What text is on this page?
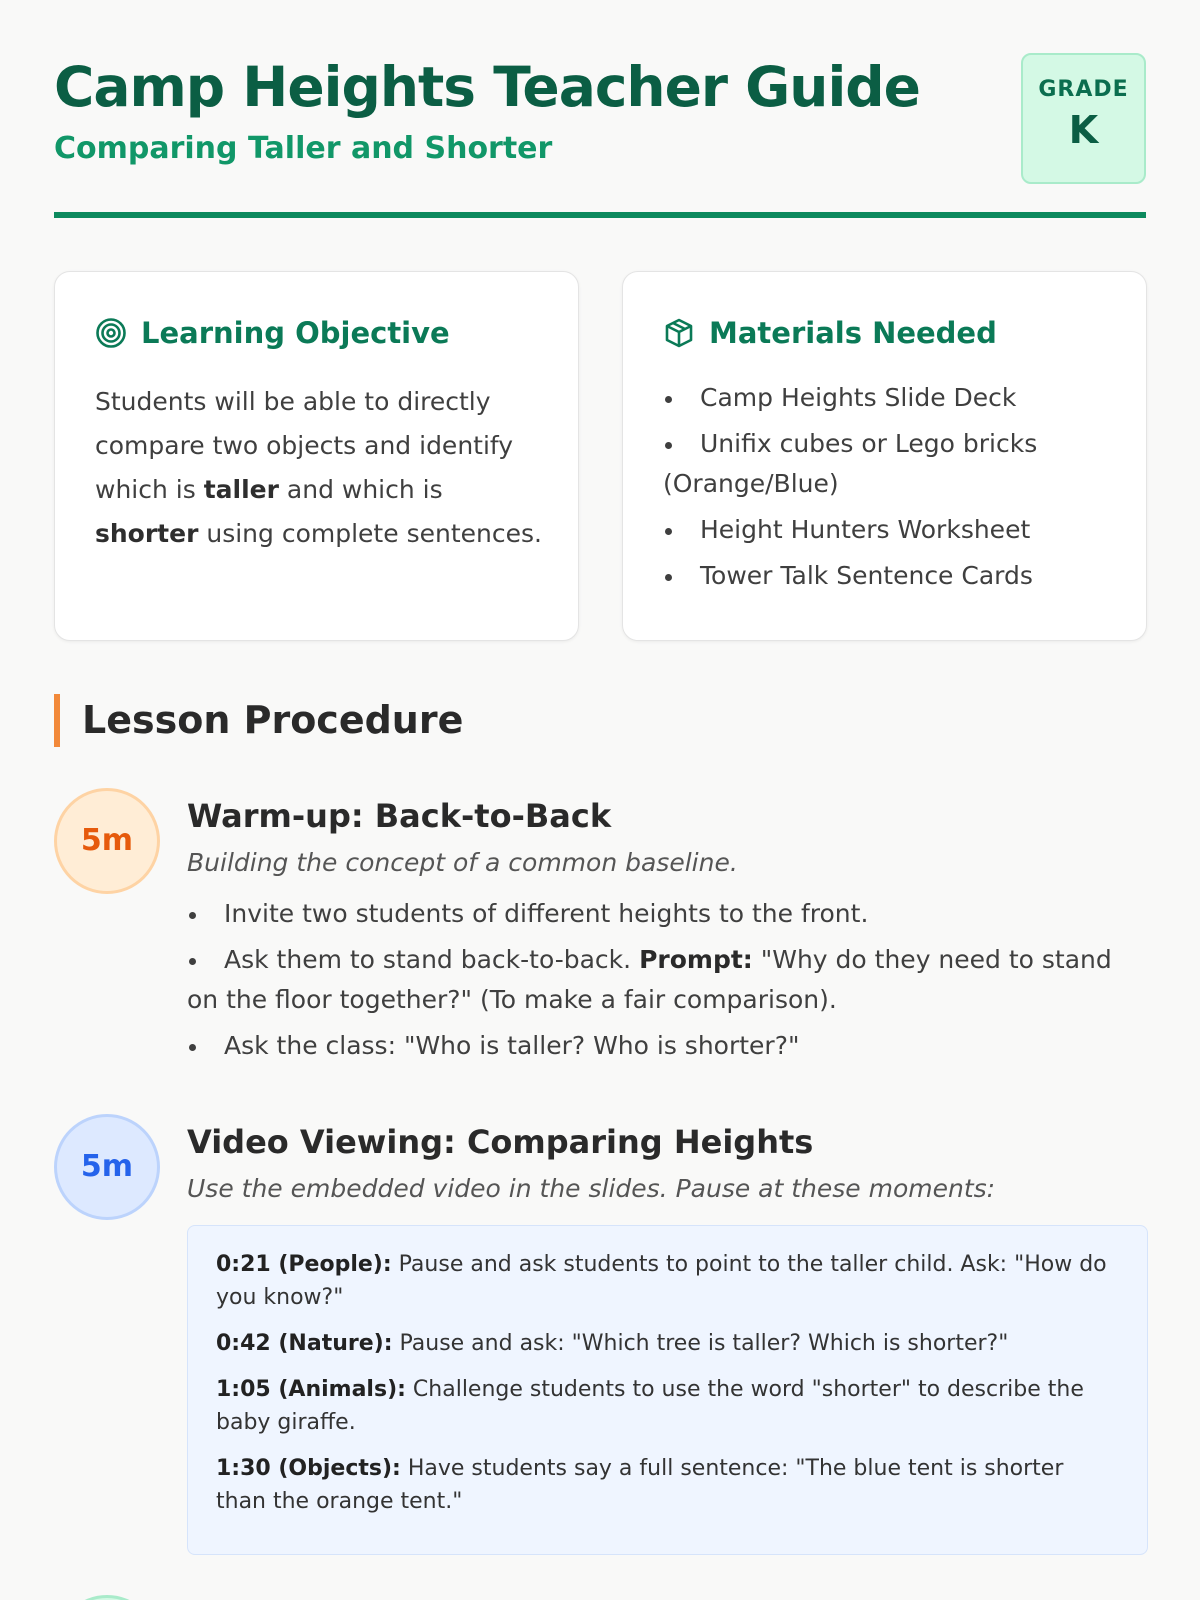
Camp Heights Teacher Guide
Comparing Taller and Shorter
GRADE
K
Learning Objective

Students will be able to directly compare two objects and identify which is taller and which is shorter using complete sentences.

Materials Needed
Camp Heights Slide Deck
Unifix cubes or Lego bricks (Orange/Blue)
Height Hunters Worksheet
Tower Talk Sentence Cards
Lesson Procedure
5m
Warm-up: Back-to-Back
Building the concept of a common baseline.
Invite two students of different heights to the front.
Ask them to stand back-to-back. Prompt: "Why do they need to stand on the floor together?" (To make a fair comparison).
Ask the class: "Who is taller? Who is shorter?"
5m
Video Viewing: Comparing Heights
Use the embedded video in the slides. Pause at these moments:

0:21 (People): Pause and ask students to point to the taller child. Ask: "How do you know?"

0:42 (Nature): Pause and ask: "Which tree is taller? Which is shorter?"

1:05 (Animals): Challenge students to use the word "shorter" to describe the baby giraffe.

1:30 (Objects): Have students say a full sentence: "The blue tent is shorter than the orange tent."
